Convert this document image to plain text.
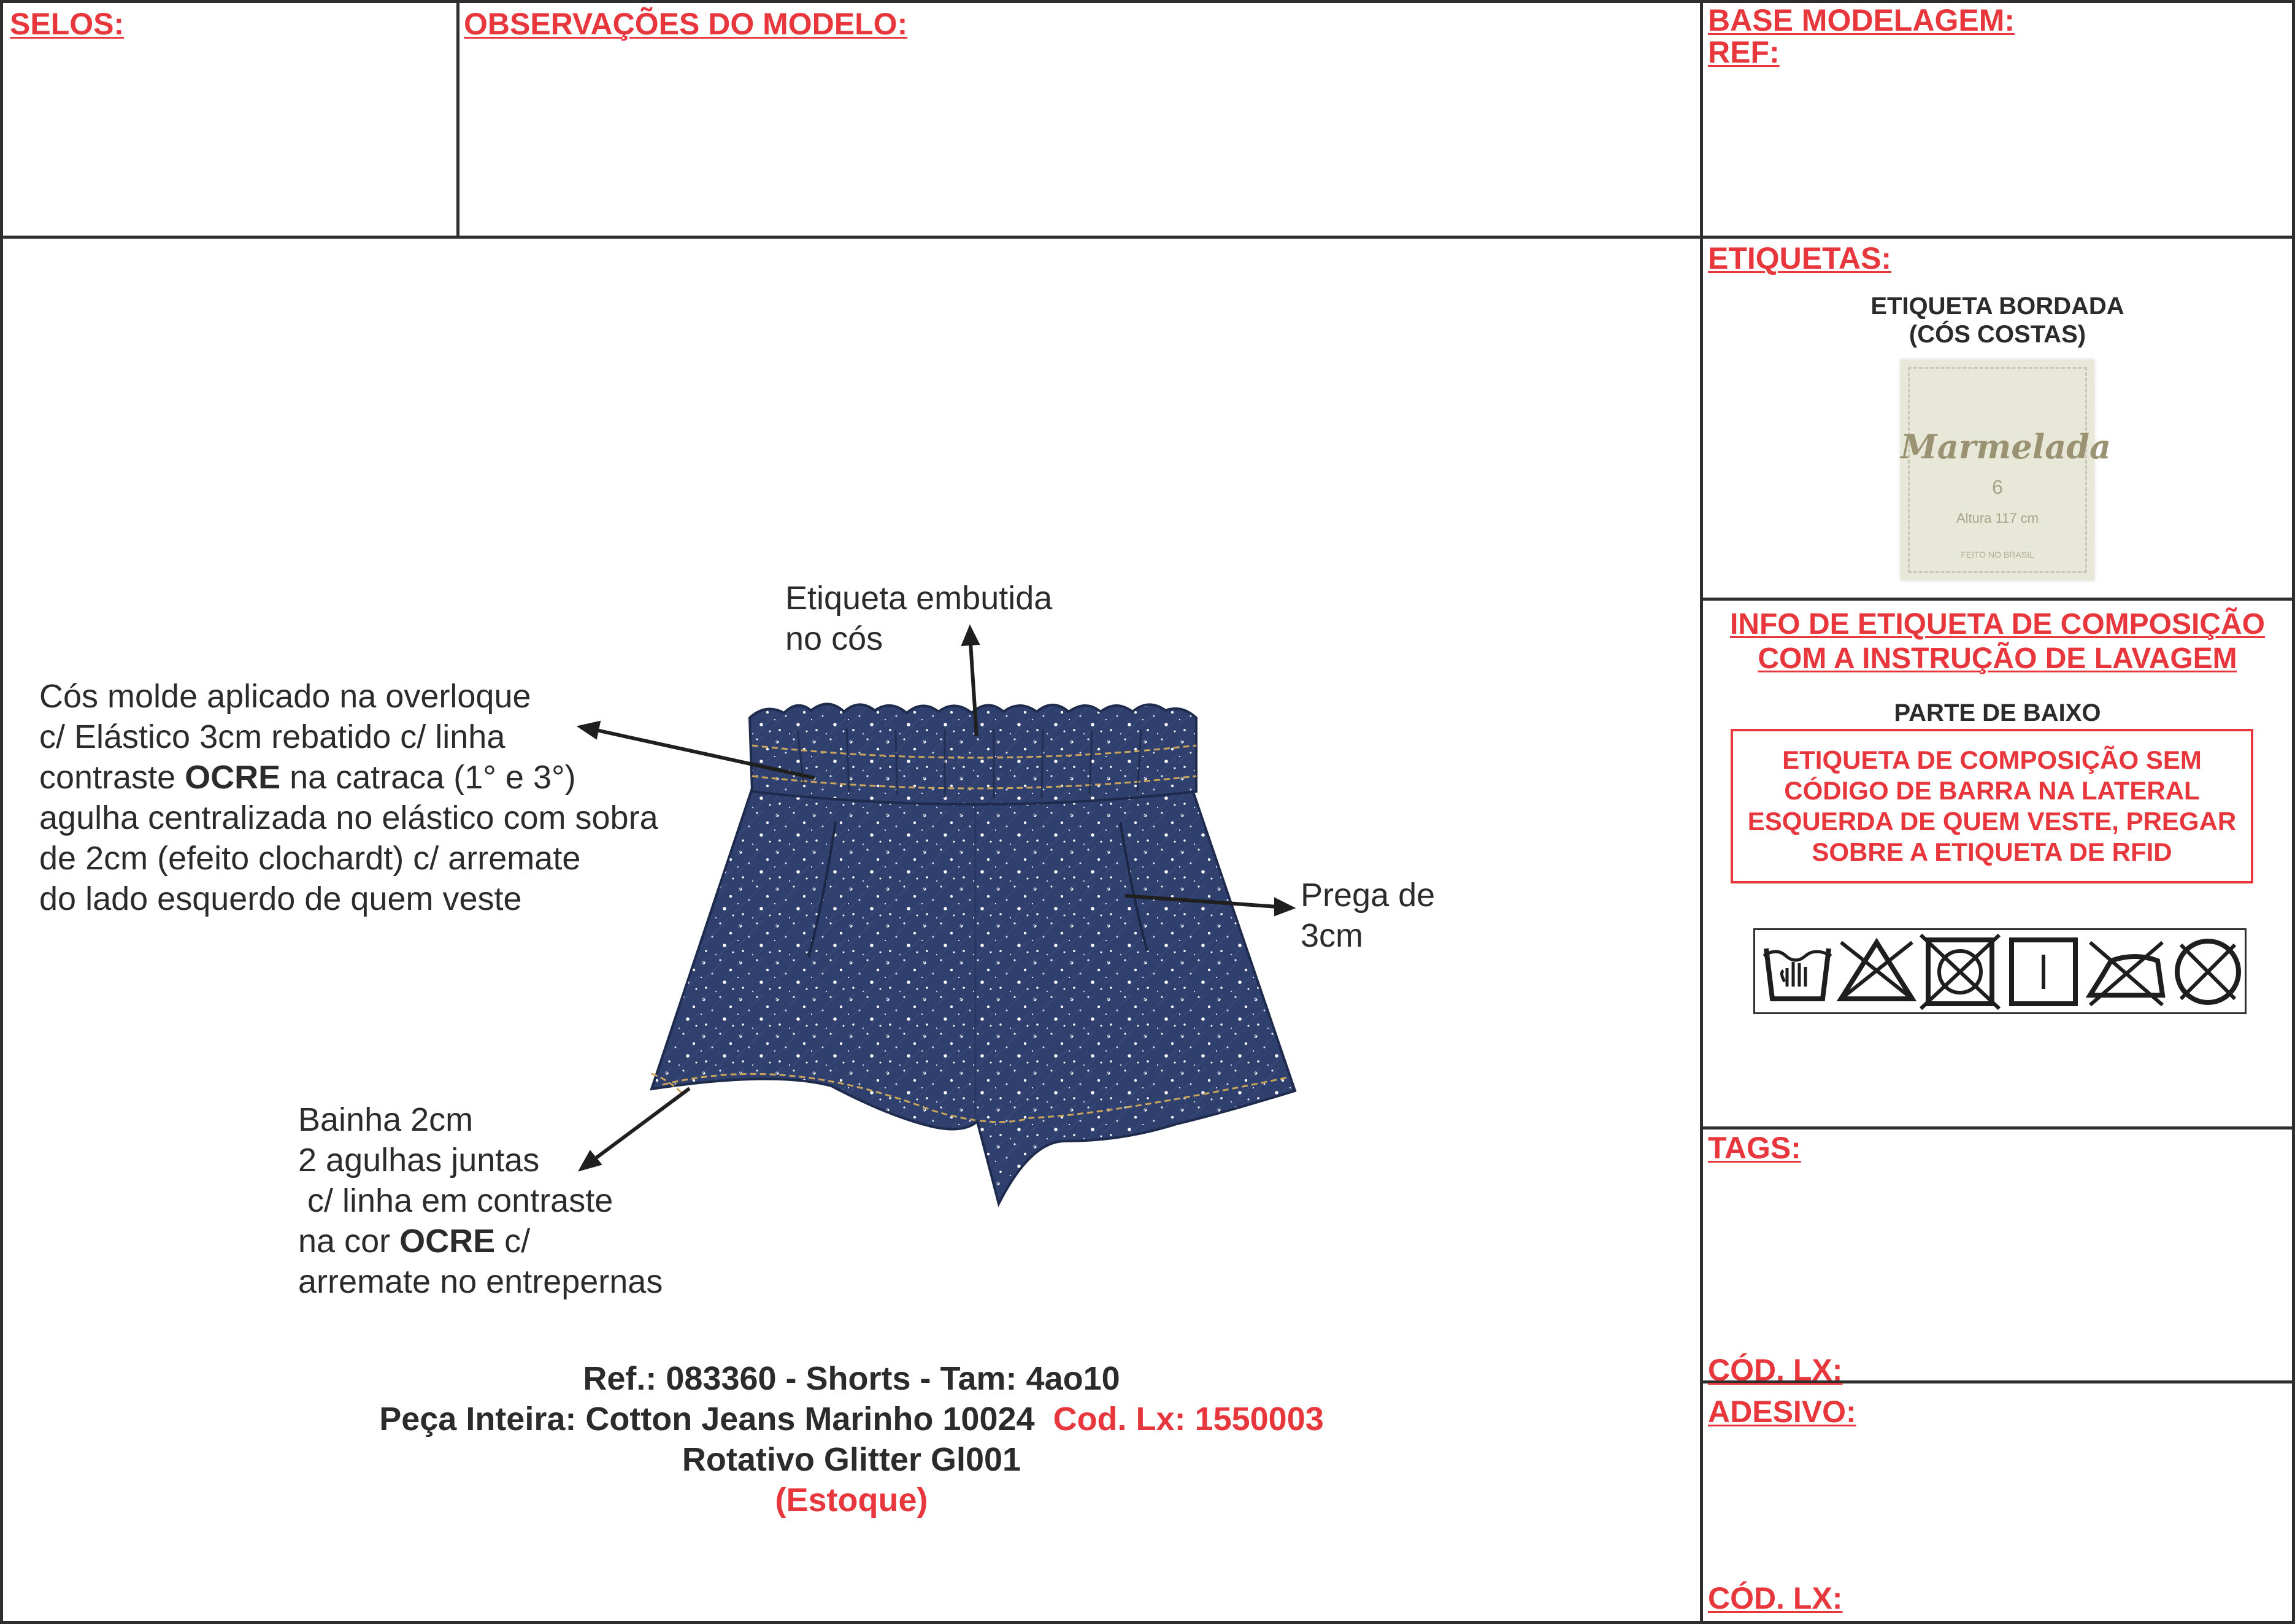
SELOS:	OBSERVAÇÕES DO MODELO:	BASE MODELAGEM:
REF:
ETIQUETAS:
ETIQUETA BORDADA
(CÓS COSTAS)
Marmelada
6
Altura 117 cm
FEITO NO BRASIL
INFO DE ETIQUETA DE COMPOSIÇÃO
COM A INSTRUÇÃO DE LAVAGEM
PARTE DE BAIXO
ETIQUETA DE COMPOSIÇÃO SEM
CÓDIGO DE BARRA NA LATERAL
ESQUERDA DE QUEM VESTE, PREGAR
SOBRE A ETIQUETA DE RFID
TAGS:
CÓD. LX:
ADESIVO:
CÓD. LX:
Etiqueta embutida
no cós
Cós molde aplicado na overloque
c/ Elástico 3cm rebatido c/ linha
contraste OCRE na catraca (1° e 3°)
agulha centralizada no elástico com sobra
de 2cm (efeito clochardt) c/ arremate
do lado esquerdo de quem veste	Prega de
3cm
Bainha 2cm
2 agulhas juntas
c/ linha em contraste
na cor OCRE c/
arremate no entrepernas
Ref.: 083360 - Shorts - Tam: 4ao10
Peça Inteira: Cotton Jeans Marinho 10024 Cod. Lx: 1550003
Rotativo Glitter Gl001
(Estoque)
